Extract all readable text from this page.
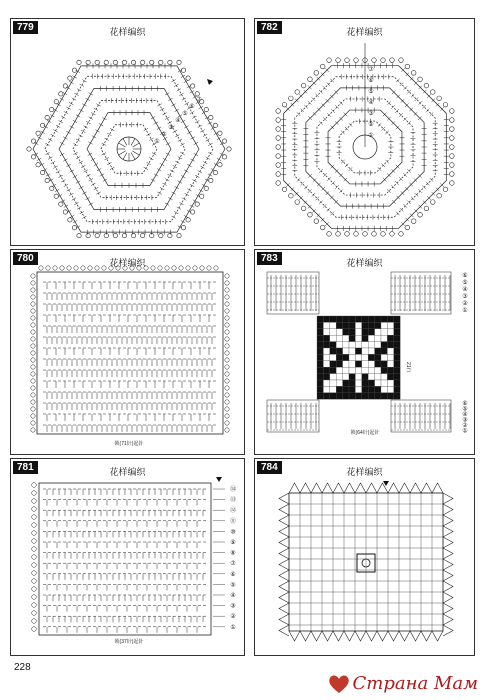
779	花样编织
①
②
③
④
⑤
⑥
⑦
782	花样编织
①
②
③
④
⑤
⑥
⑦
780	花样编织
锁(71针)起针
783	花样编织
21行
锁(64针)起针
⑥
⑥
⑤
⑤
④
④
③
③
②
②
①
①
781	花样编织
锁(37针)起针
⑭
⑬
⑫
⑪
⑩
⑨
⑧
⑦
⑥
⑤
④
③
②
①
784	花样编织
228
Страна Мам
